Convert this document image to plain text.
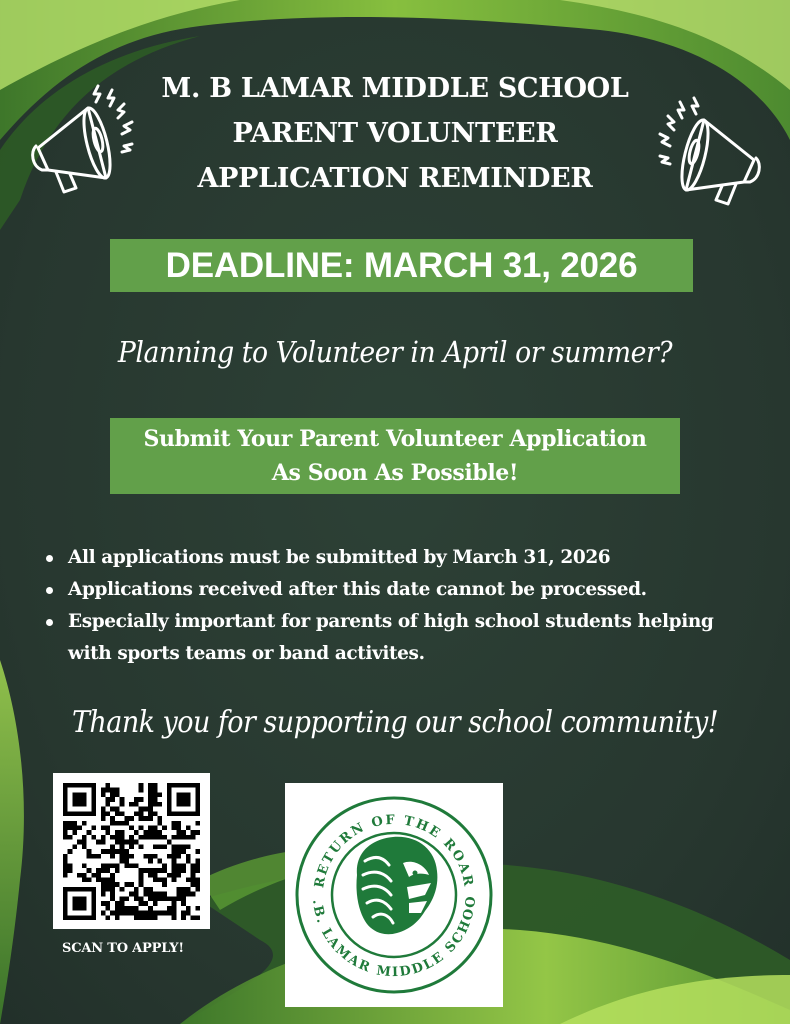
M. B LAMAR MIDDLE SCHOOL
PARENT VOLUNTEER
APPLICATION REMINDER
DEADLINE: MARCH 31, 2026
Planning to Volunteer in April or summer?
Submit Your Parent Volunteer Application
As Soon As Possible!
All applications must be submitted by March 31, 2026
Applications received after this date cannot be processed.
Especially important for parents of high school students helping with sports teams or band activites.
Thank you for supporting our school community!
SCAN TO APPLY!
RETURN OF THE ROAR
.B. LAMAR MIDDLE SCHOO
